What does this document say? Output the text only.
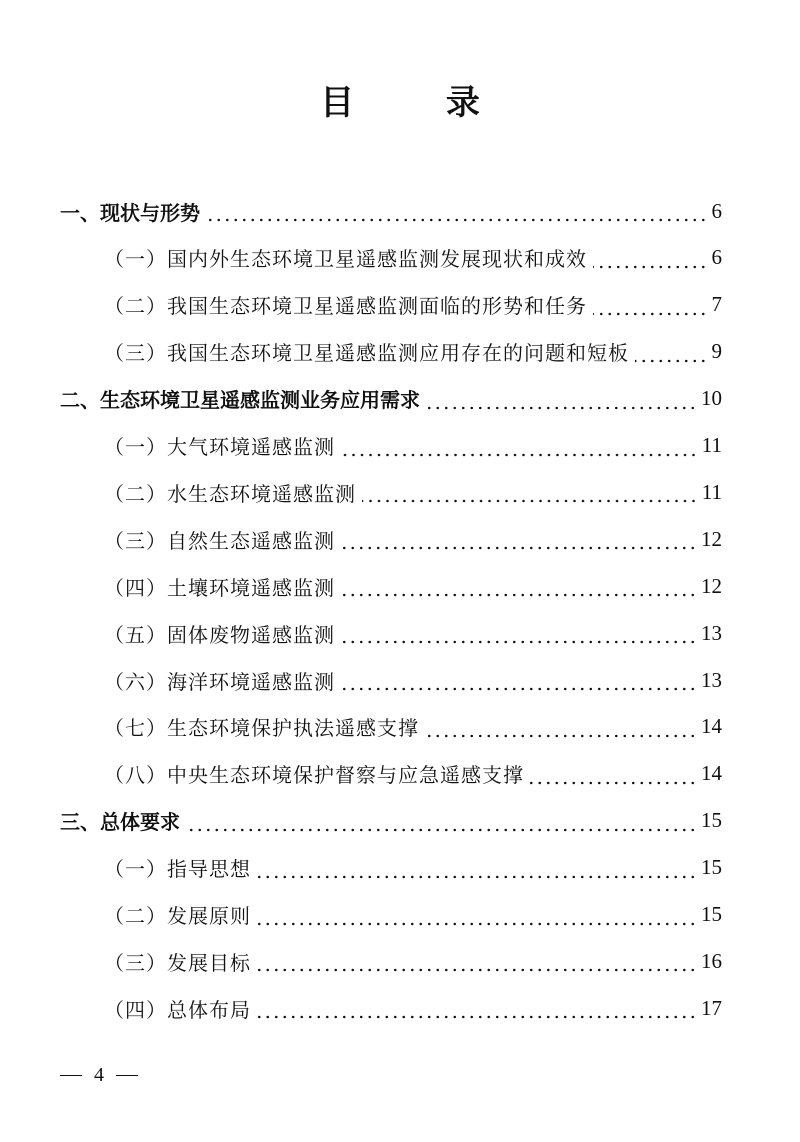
目 录
一、现状与形势	6
（一）国内外生态环境卫星遥感监测发展现状和成效	6
（二）我国生态环境卫星遥感监测面临的形势和任务	7
（三）我国生态环境卫星遥感监测应用存在的问题和短板	9
二、生态环境卫星遥感监测业务应用需求	10
（一）大气环境遥感监测	11
（二）水生态环境遥感监测	11
（三）自然生态遥感监测	12
（四）土壤环境遥感监测	12
（五）固体废物遥感监测	13
（六）海洋环境遥感监测	13
（七）生态环境保护执法遥感支撑	14
（八）中央生态环境保护督察与应急遥感支撑	14
三、总体要求	15
（一）指导思想	15
（二）发展原则	15
（三）发展目标	16
（四）总体布局	17
4
